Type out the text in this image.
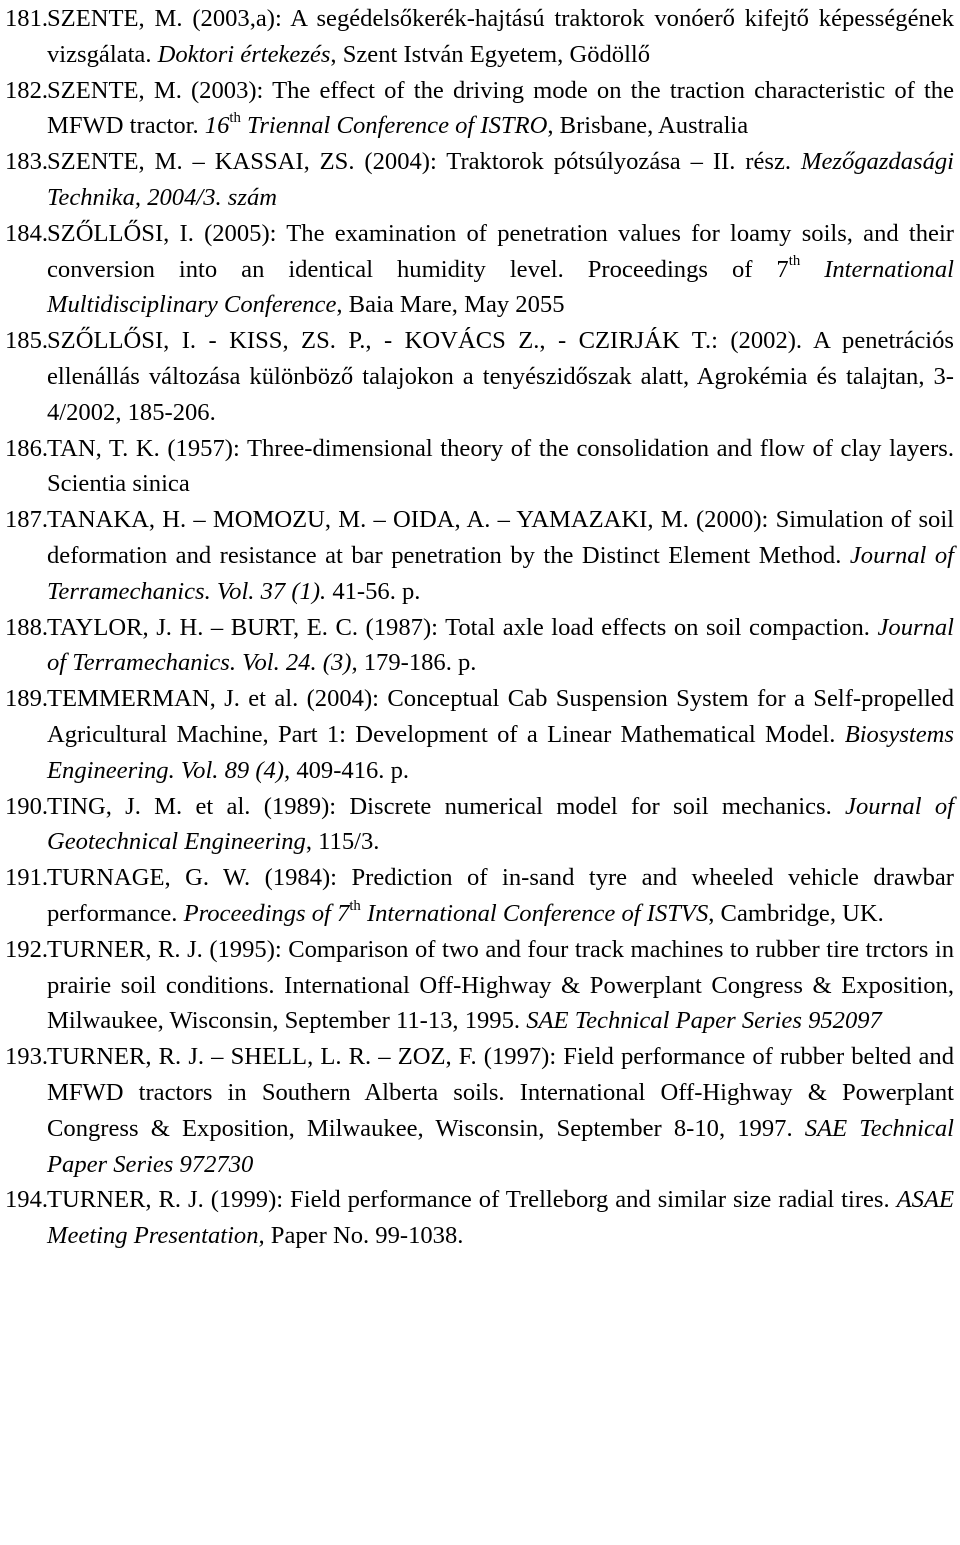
181.
SZENTE, M. (2003,a): A segédelsőkerék-hajtású traktorok vonóerő kifejtő képességének vizsgálata. Doktori értekezés, Szent István Egyetem, Gödöllő
182.
SZENTE, M. (2003): The effect of the driving mode on the traction characteristic of the MFWD tractor. 16th Triennal Conference of ISTRO, Brisbane, Australia
183.
SZENTE, M. – KASSAI, ZS. (2004): Traktorok pótsúlyozása – II. rész. Mezőgazdasági Technika, 2004/3. szám
184.
SZŐLLŐSI, I. (2005): The examination of penetration values for loamy soils, and their conversion into an identical humidity level. Proceedings of 7th International Multidisciplinary Conference, Baia Mare, May 2055
185.
SZŐLLŐSI, I. - KISS, ZS. P., - KOVÁCS Z., - CZIRJÁK T.: (2002). A penetrációs ellenállás változása különböző talajokon a tenyészidőszak alatt, Agrokémia és talajtan, 3-4/2002, 185-206.
186.
TAN, T. K. (1957): Three-dimensional theory of the consolidation and flow of clay layers. Scientia sinica
187.
TANAKA, H. – MOMOZU, M. – OIDA, A. – YAMAZAKI, M. (2000): Simulation of soil deformation and resistance at bar penetration by the Distinct Element Method. Journal of Terramechanics. Vol. 37 (1). 41-56. p.
188.
TAYLOR, J. H. – BURT, E. C. (1987): Total axle load effects on soil compaction. Journal of Terramechanics. Vol. 24. (3), 179-186. p.
189.
TEMMERMAN, J. et al. (2004): Conceptual Cab Suspension System for a Self-propelled Agricultural Machine, Part 1: Development of a Linear Mathematical Model. Biosystems Engineering. Vol. 89 (4), 409-416. p.
190.
TING, J. M. et al. (1989): Discrete numerical model for soil mechanics. Journal of Geotechnical Engineering, 115/3.
191.
TURNAGE, G. W. (1984): Prediction of in-sand tyre and wheeled vehicle drawbar performance. Proceedings of 7th International Conference of ISTVS, Cambridge, UK.
192.
TURNER, R. J. (1995): Comparison of two and four track machines to rubber tire trctors in prairie soil conditions. International Off-Highway & Powerplant Congress & Exposition, Milwaukee, Wisconsin, September 11-13, 1995. SAE Technical Paper Series 952097
193.
TURNER, R. J. – SHELL, L. R. – ZOZ, F. (1997): Field performance of rubber belted and MFWD tractors in Southern Alberta soils. International Off-Highway & Powerplant Congress & Exposition, Milwaukee, Wisconsin, September 8-10, 1997. SAE Technical Paper Series 972730
194.
TURNER, R. J. (1999): Field performance of Trelleborg and similar size radial tires. ASAE Meeting Presentation, Paper No. 99-1038.
